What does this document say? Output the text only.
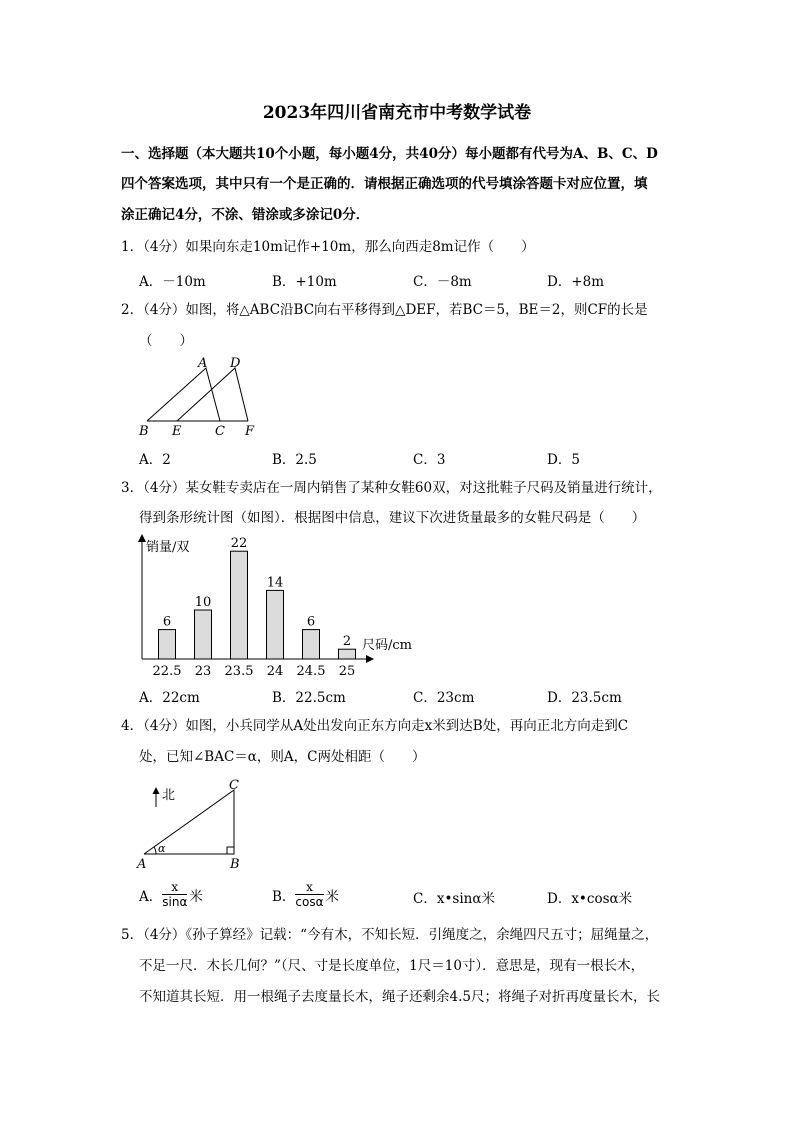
2023年四川省南充市中考数学试卷
一、选择题（本大题共10个小题，每小题4分，共40分）每小题都有代号为A、B、C、D
四个答案选项，其中只有一个是正确的．请根据正确选项的代号填涂答题卡对应位置，填
涂正确记4分，不涂、错涂或多涂记0分．
1．（4分）如果向东走10m记作+10m，那么向西走8m记作（　　）
A．－10m	B．+10m	C．－8m	D．+8m
2．（4分）如图，将△ABC沿BC向右平移得到△DEF，若BC＝5，BE＝2，则CF的长是
（　　）
A D
B E	C F
A．2	B．2.5	C．3	D．5
3．（4分）某女鞋专卖店在一周内销售了某种女鞋60双，对这批鞋子尺码及销量进行统计，
得到条形统计图（如图）．根据图中信息，建议下次进货量最多的女鞋尺码是（　　）
销量/双
尺码/cm
6
22.5
10
23
22
23.5
14
24
6
24.5
2
25
A．22cm	B．22.5cm	C．23cm	D．23.5cm
4．（4分）如图，小兵同学从A处出发向正东方向走x米到达B处，再向正北方向走到C
处，已知∠BAC＝α，则A，C两处相距（　　）
北
C
α
A	B
A． $\frac{x}{\sin\alpha}$ 米	B． $\frac{x}{\cos\alpha}$ 米	C．x•sinα米	D．x•cosα米
5．（4分）《孙子算经》记载：“今有木，不知长短．引绳度之，余绳四尺五寸；屈绳量之，
不足一尺．木长几何？”（尺、寸是长度单位，1尺＝10寸）．意思是，现有一根长木，
不知道其长短．用一根绳子去度量长木，绳子还剩余4.5尺；将绳子对折再度量长木，长
